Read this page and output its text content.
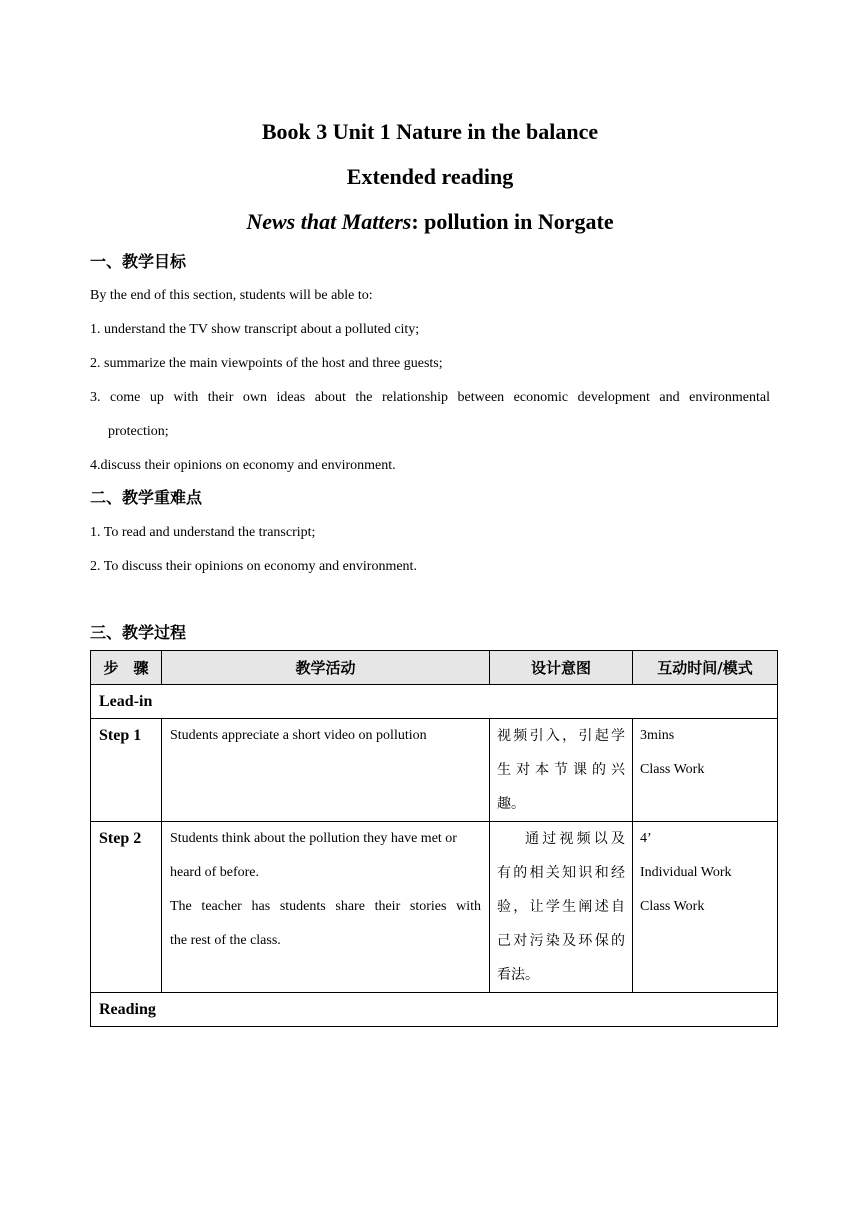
Book 3 Unit 1 Nature in the balance
Extended reading
News that Matters: pollution in Norgate
一、教学目标
By the end of this section, students will be able to:
1. understand the TV show transcript about a polluted city;
2. summarize the main viewpoints of the host and three guests;
3. come up with their own ideas about the relationship between economic development and environmental
protection;
4.discuss their opinions on economy and environment.
二、教学重难点
1. To read and understand the transcript;
2. To discuss their opinions on economy and environment.
三、教学过程
步　骤	教学活动	设计意图	互动时间/模式
Lead-in			
Step 1	Students appreciate a short video on pollution	视频引入，引起学
生对本节课的兴
趣。	3mins
Class Work

Step 2	Students think about the pollution they have met or
heard of before.
The teacher has students share their stories with
the rest of the class.	通过视频以及
有的相关知识和经
验，让学生阐述自
己对污染及环保的
看法。	4’
Individual Work
Class Work

Reading			
